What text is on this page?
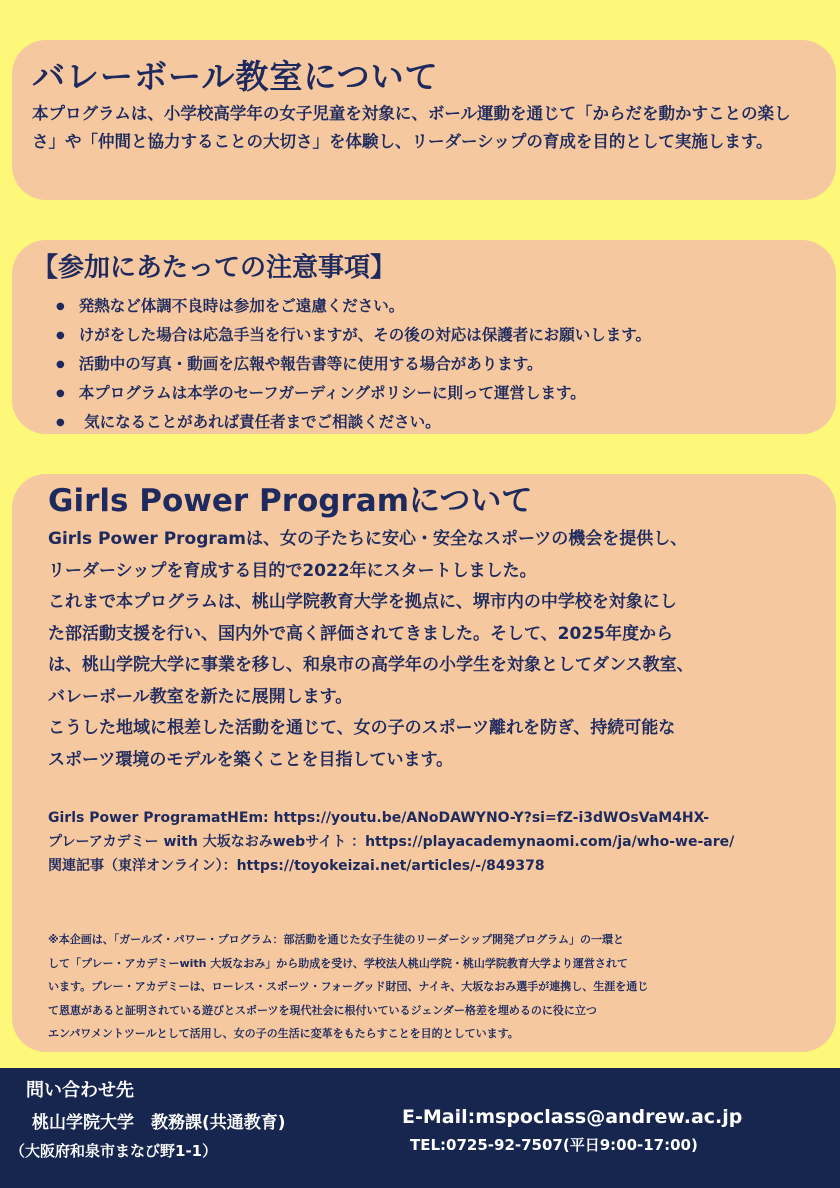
バレーボール教室について

本プログラムは、小学校高学年の女子児童を対象に、ボール運動を通じて「からだを動かすことの楽しさ」や「仲間と協力することの大切さ」を体験し、リーダーシップの育成を目的として実施します。

【参加にあたっての注意事項】
● 発熱など体調不良時は参加をご遠慮ください。
● けがをした場合は応急手当を行いますが、その後の対応は保護者にお願いします。
● 活動中の写真・動画を広報や報告書等に使用する場合があります。
● 本プログラムは本学のセーフガーディングポリシーに則って運営します。
● 気になることがあれば責任者までご相談ください。
Girls Power Programについて

Girls Power Programは、女の子たちに安心・安全なスポーツの機会を提供し、

リーダーシップを育成する目的で2022年にスタートしました。

これまで本プログラムは、桃山学院教育大学を拠点に、堺市内の中学校を対象にし

た部活動支援を行い、国内外で高く評価されてきました。そして、2025年度から

は、桃山学院大学に事業を移し、和泉市の高学年の小学生を対象としてダンス教室、

バレーボール教室を新たに展開します。

こうした地域に根差した活動を通じて、女の子のスポーツ離れを防ぎ、持続可能な

スポーツ環境のモデルを築くことを目指しています。

Girls Power ProgramatHEm: https://youtu.be/ANoDAWYNO-Y?si=fZ-i3dWOsVaM4HX-

プレーアカデミー with 大坂なおみwebサイト ：https://playacademynaomi.com/ja/who-we-are/

関連記事（東洋オンライン）：https://toyokeizai.net/articles/-/849378

※本企画は、「ガールズ・パワー・プログラム：部活動を通じた女子生徒のリーダーシップ開発プログラム」の一環と

して「プレー・アカデミーwith 大坂なおみ」から助成を受け、学校法人桃山学院・桃山学院教育大学より運営されて

います。プレー・アカデミーは、ローレス・スポーツ・フォーグッド財団、ナイキ、大坂なおみ選手が連携し、生涯を通じ

て恩恵があると証明されている遊びとスポーツを現代社会に根付いているジェンダー格差を埋めるのに役に立つ

エンパワメントツールとして活用し、女の子の生活に変革をもたらすことを目的としています。

問い合わせ先
桃山学院大学　教務課(共通教育)
（大阪府和泉市まなび野1-1）
E-Mail:mspoclass@andrew.ac.jp
TEL:0725-92-7507(平日9:00-17:00)
